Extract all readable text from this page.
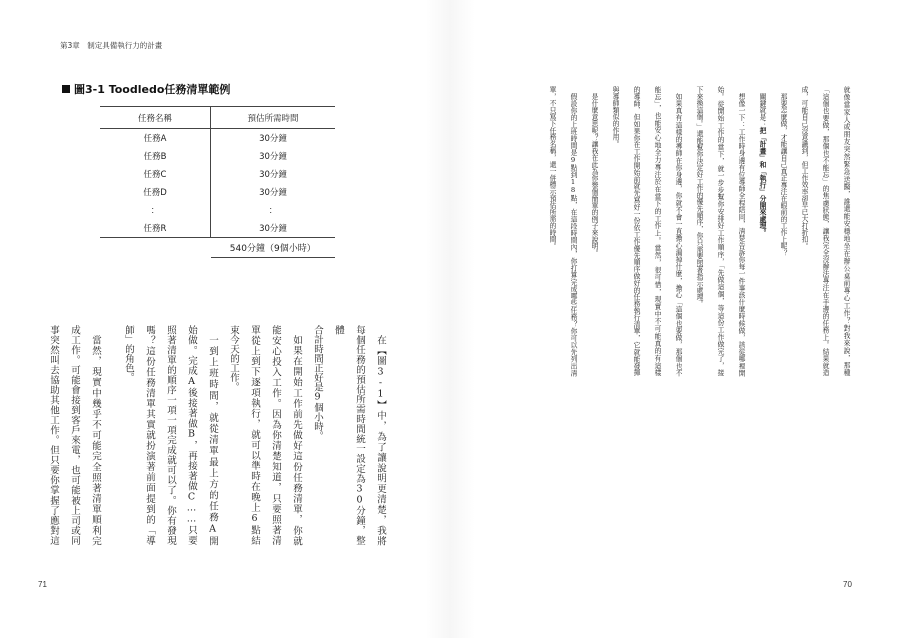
第3章　制定具備執行力的計畫
圖3-1 Toodledo任務清單範例
任務名稱	預估所需時間
任務A	30分鐘
任務B	30分鐘
任務C	30分鐘
任務D	30分鐘
：	：
任務R	30分鐘
	540分鐘（9個小時）
在【圖3-1】中，為了讓說明更清楚，我將
每個任務的預估所需時間統一設定為30分鐘，整體
合計時間正好是9個小時。
如果在開始工作前先做好這份任務清單，你就
能安心投入工作。因為你清楚知道，只要照著清
單從上到下逐項執行，就可以準時在晚上6點結
束今天的工作。
一到上班時間，就從清單最上方的任務A開
始做。完成A後接著做B，再接著做C……只要
照著清單的順序一項一項完成就可以了。你有發現
嗎？這份任務清單其實就扮演著前面提到的「導
師」的角色。
當然，現實中幾乎不可能完全照著清單順利完
成工作。可能會接到客戶來電，也可能被上司或同
事突然叫去協助其他工作。但只要你掌握了應對這
71
就像當家人或朋友突然緊急送醫，誰還能安穩地坐在辦公桌前專心工作？對我來說，那種
「這個也要做，那個也不能忘」的焦慮狀態，讓我完全沒辦法專注在手邊的任務上。結果就造
成，可能自己沒意識到，但工作效率卻早已大打折扣。
那要怎麼做，才能讓自己真正專注在眼前的工作上呢？
關鍵就是：把「計畫」和「執行」分開來處理。
想像一下：工作時身邊有位導師全程陪同，清楚告訴你每一件事該什麼時候做，該從哪裡開
始。從開始工作的當下，就一步步幫你安排好工作順序，「先做這個，等這份工作做完了，接
下來換這個。」還能幫你決定好工作的優先順序，你只需要照著指示處理。
如果真有這樣的導師在你身邊，你就不會一直擔心漏掉什麼，擔心「這個也要做，那個也不
能忘」，也能安心地全力專注於在當下的工作上。當然，很可惜，現實中不可能真的有這樣
的導師，但如果你在工作開始前就先寫好一份依工作優先順序做好的任務執行清單，它就能發揮
與導師類似的作用。
是什麼意思呢？讓我在此為你舉個簡單的例子來說明。
假設你的上班時間是9點到18點，在這段時間內，你打算完成哪些任務？你可以先列出清
單，不只寫下任務名稱，還一併標示預估所需的時間。
70
